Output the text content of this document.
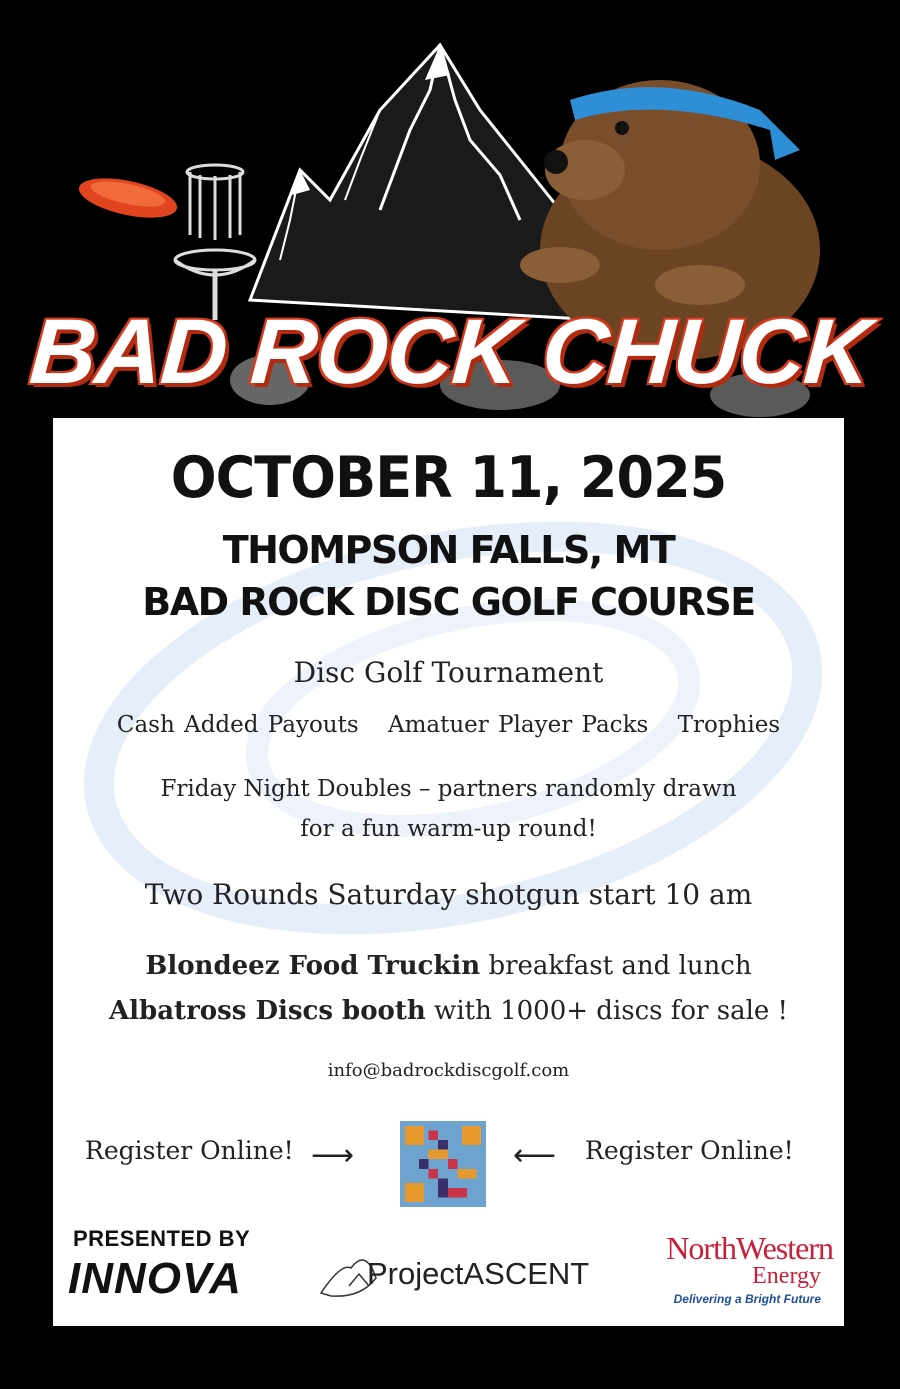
BAD ROCK CHUCK
OCTOBER 11, 2025
THOMPSON FALLS, MT
BAD ROCK DISC GOLF COURSE
Disc Golf Tournament
Cash Added Payouts Amatuer Player Packs Trophies
Friday Night Doubles – partners randomly drawn
for a fun warm-up round!
Two Rounds Saturday shotgun start 10 am
Blondeez Food Truckin breakfast and lunch
Albatross Discs booth with 1000+ discs for sale !
info@badrockdiscgolf.com
Register Online! ⟶	⟵ Register Online!
PRESENTED BY
INNOVA	ProjectASCENT
NorthWestern
Energy
Delivering a Bright Future
